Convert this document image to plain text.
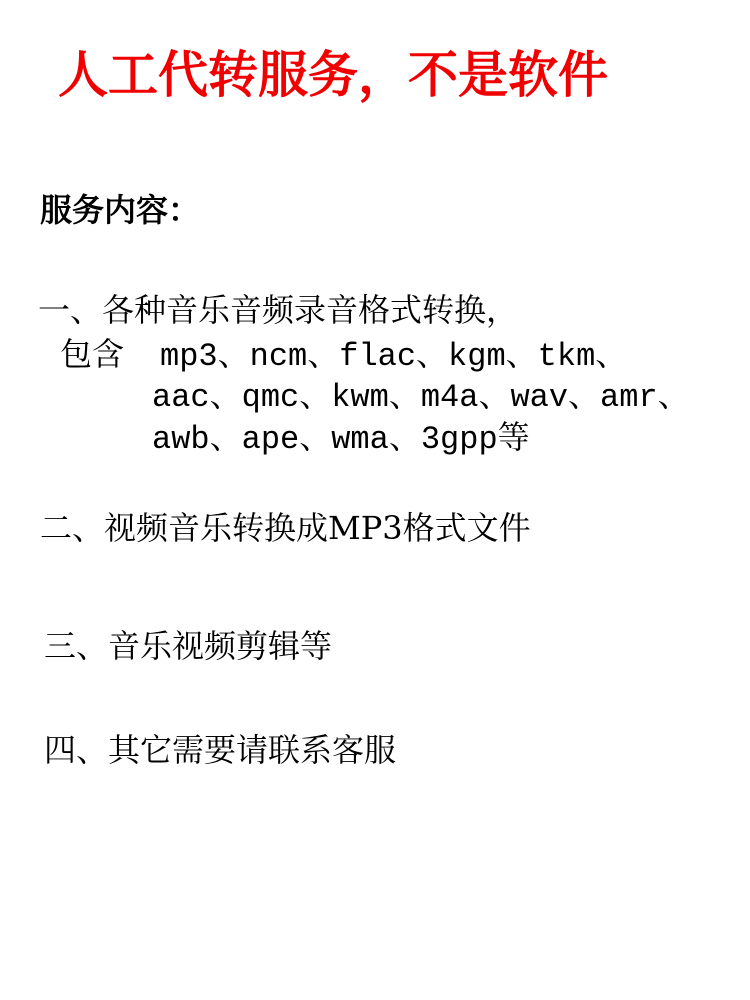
人工代转服务，不是软件
服务内容：

一、各种音乐音频录音格式转换，

包含 mp3、ncm、flac、kgm、tkm、

aac、qmc、kwm、m4a、wav、amr、

awb、ape、wma、3gpp等

二、视频音乐转换成MP3格式文件

三、音乐视频剪辑等

四、其它需要请联系客服
